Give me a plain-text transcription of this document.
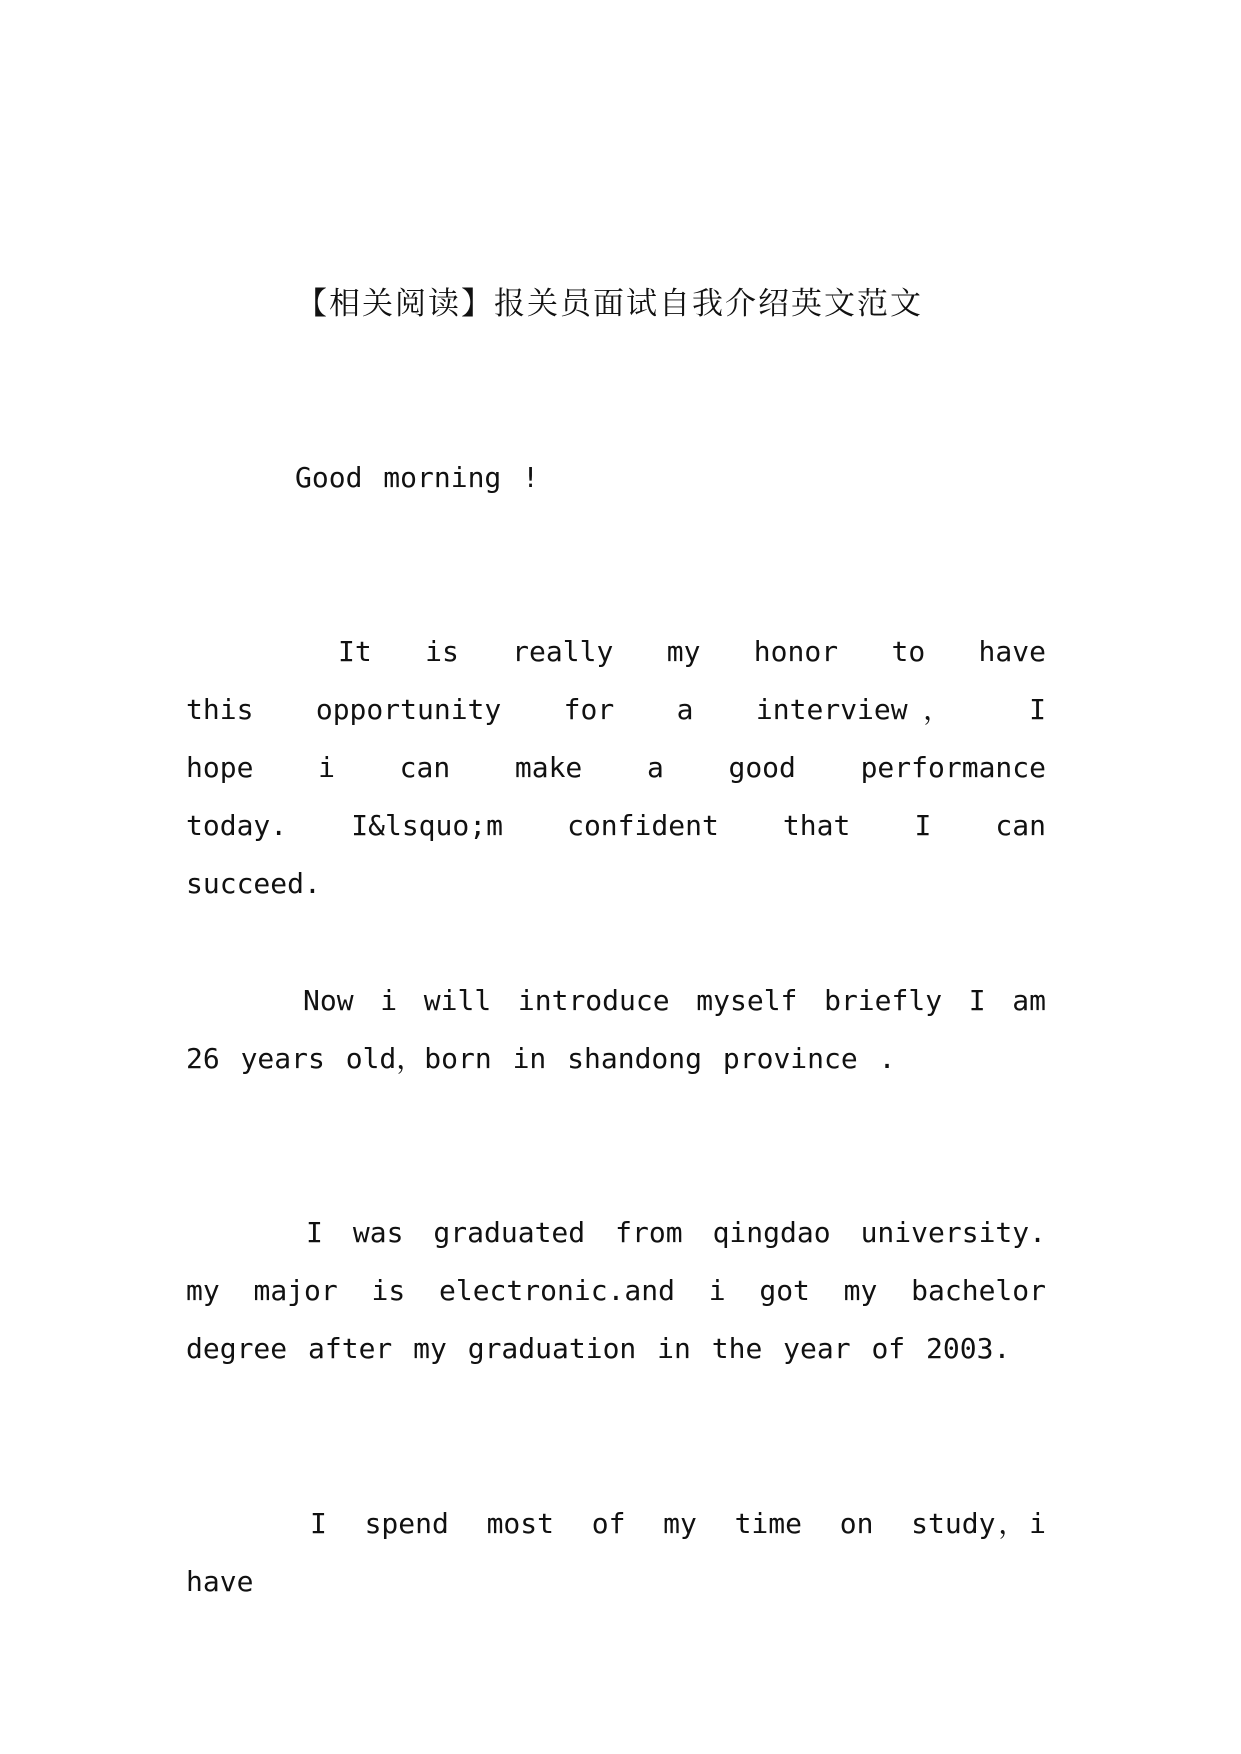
【相关阅读】报关员面试自我介绍英文范文

Good morning !

It is really my honor to have this opportunity for a interview， I hope i can make a good performance today. I&lsquo;m confident that I can succeed.

Now i will introduce myself briefly I am 26 years old，born in shandong province .

I was graduated from qingdao university. my major is electronic.and i got my bachelor degree after my graduation in the year of 2003.

I spend most of my time on study，i have
